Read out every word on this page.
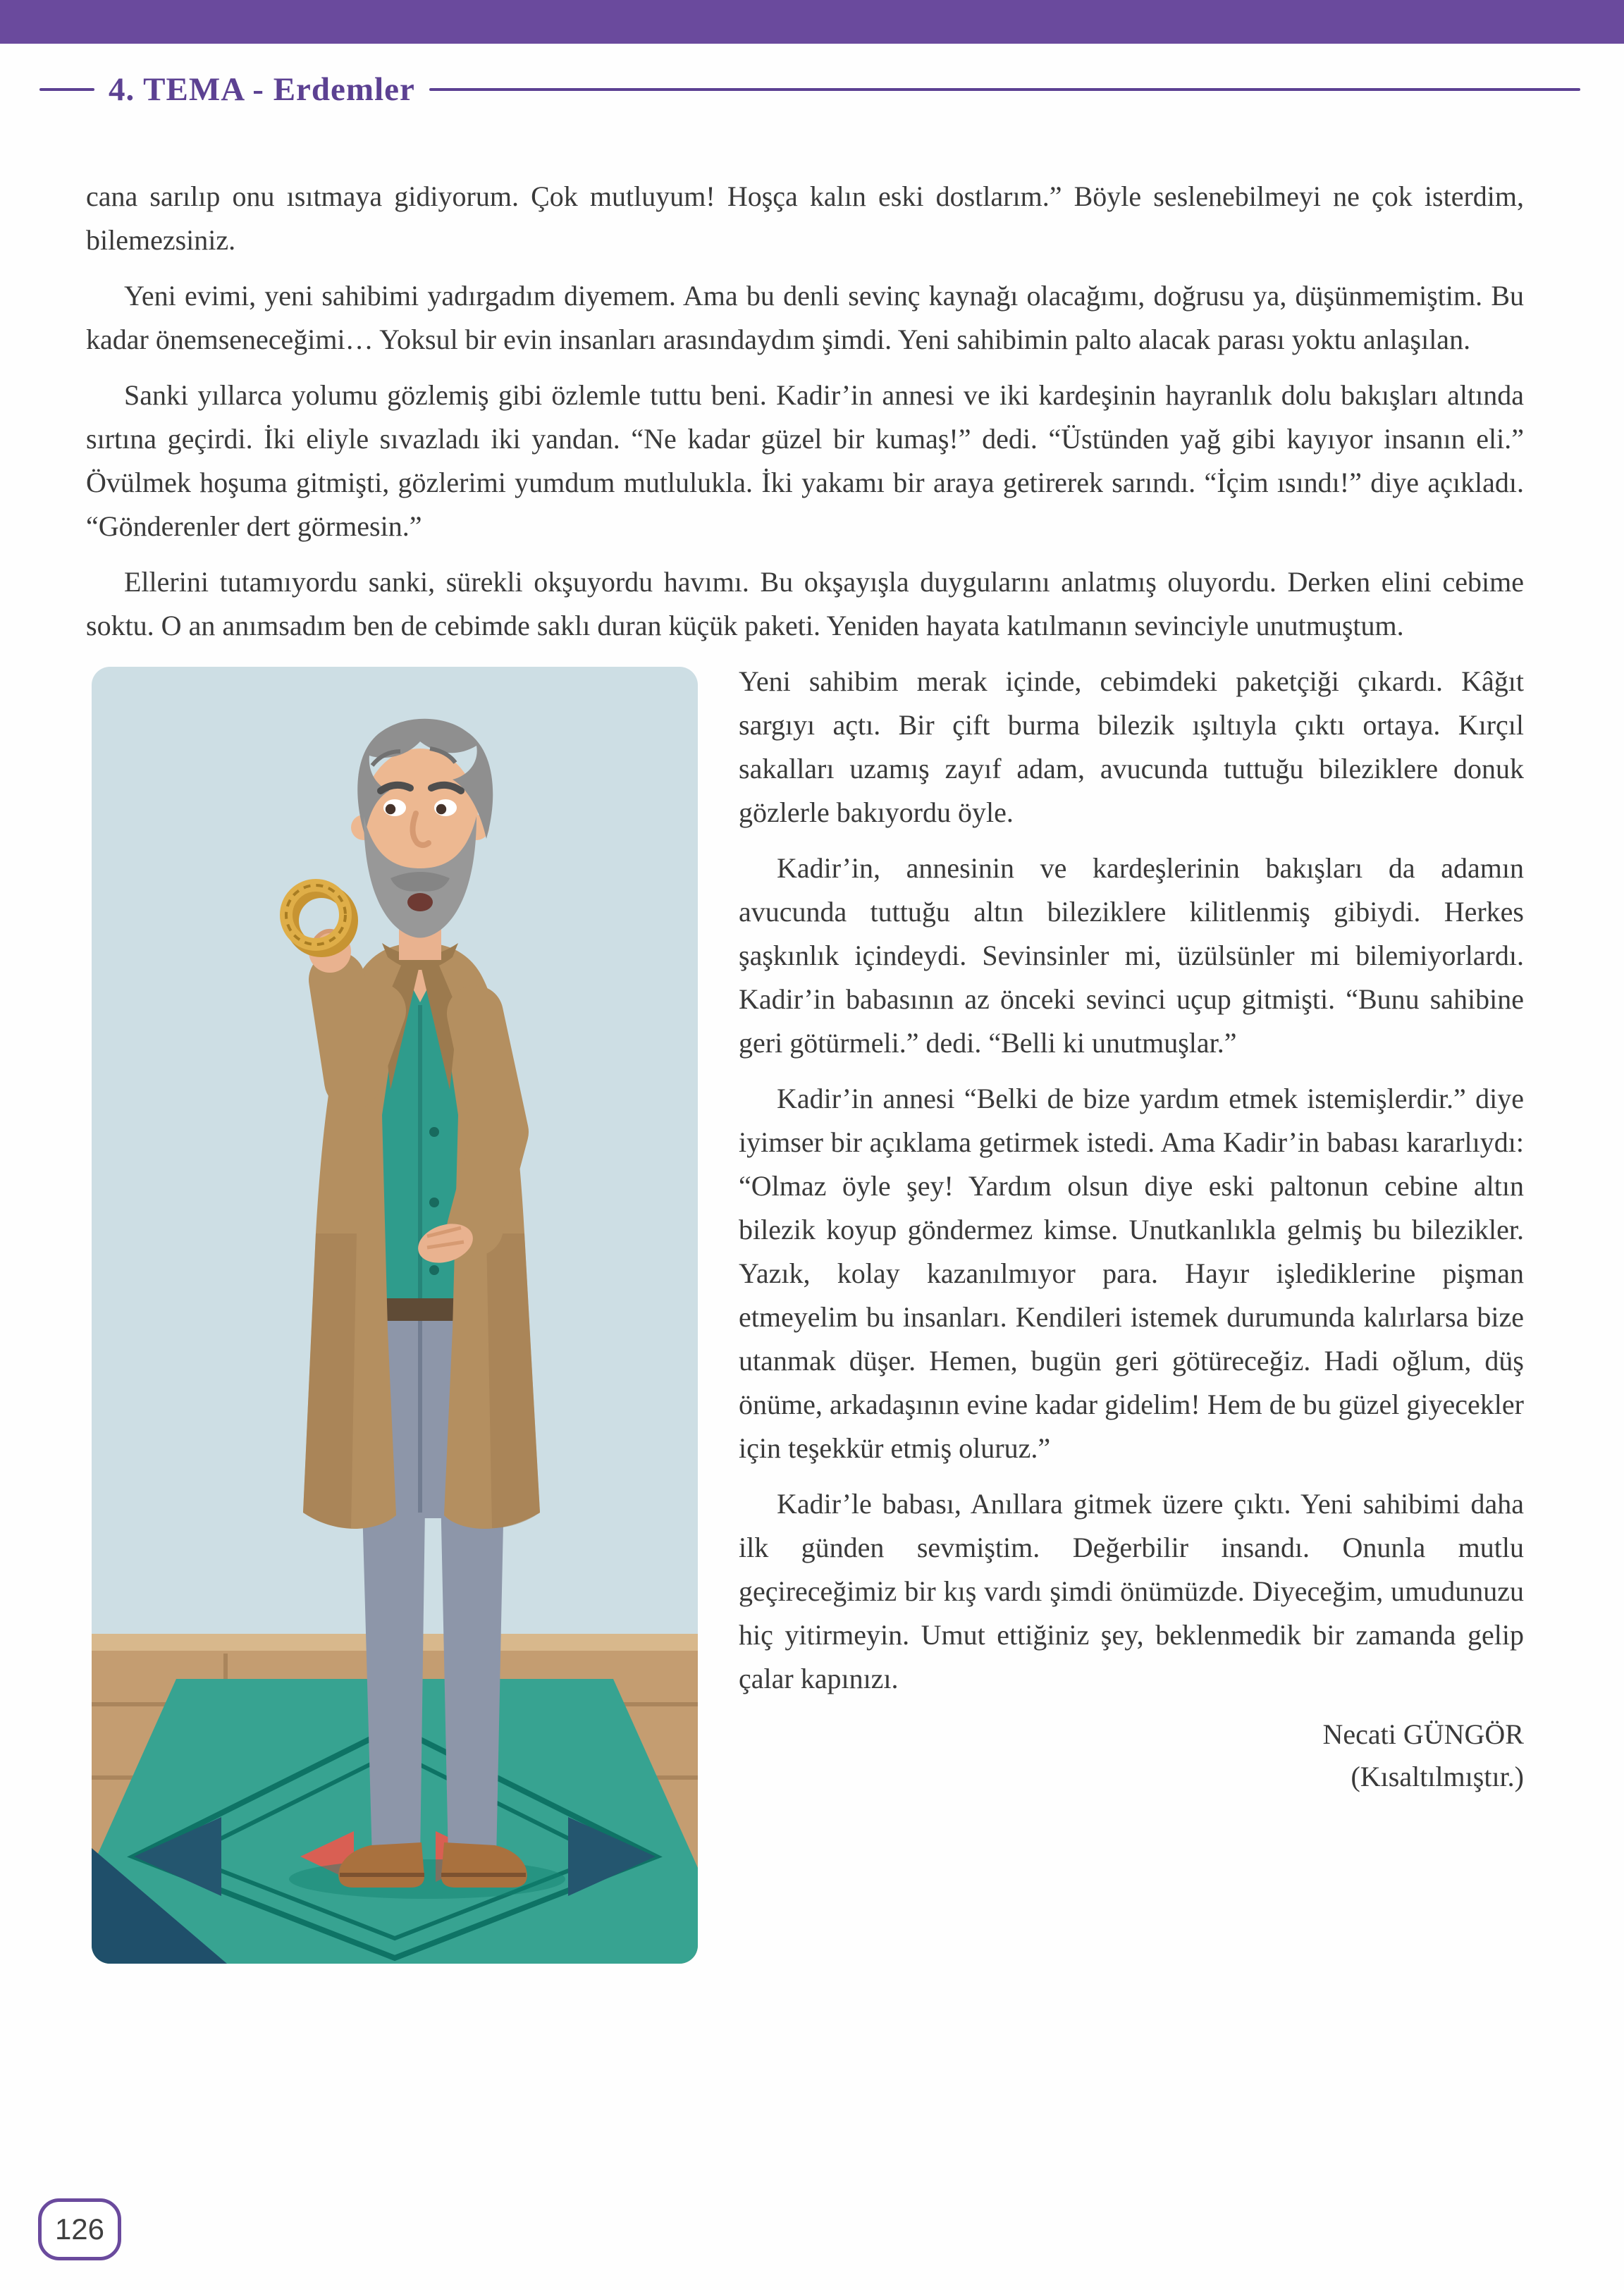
4. TEMA - Erdemler

cana sarılıp onu ısıtmaya gidiyorum. Çok mutluyum! Hoşça kalın eski dostlarım.” Böyle seslenebilmeyi ne çok isterdim, bilemezsiniz.

Yeni evimi, yeni sahibimi yadırgadım diyemem. Ama bu denli sevinç kaynağı olacağımı, doğrusu ya, düşünmemiştim. Bu kadar önemseneceğimi… Yoksul bir evin insanları arasındaydım şimdi. Yeni sahibimin palto alacak parası yoktu anlaşılan.

Sanki yıllarca yolumu gözlemiş gibi özlemle tuttu beni. Kadir’in annesi ve iki kardeşinin hayranlık dolu bakışları altında sırtına geçirdi. İki eliyle sıvazladı iki yandan. “Ne kadar güzel bir kumaş!” dedi. “Üstünden yağ gibi kayıyor insanın eli.” Övülmek hoşuma gitmişti, gözlerimi yumdum mutlulukla. İki yakamı bir araya getirerek sarındı. “İçim ısındı!” diye açıkladı. “Gönderenler dert görmesin.”

Ellerini tutamıyordu sanki, sürekli okşuyordu havımı. Bu okşayışla duygularını anlatmış oluyordu. Derken elini cebime soktu. O an anımsadım ben de cebimde saklı duran küçük paketi. Yeniden hayata katılmanın sevinciyle unutmuştum.

Yeni sahibim merak içinde, cebimdeki paketçiği çıkardı. Kâğıt sargıyı açtı. Bir çift burma bilezik ışıltıyla çıktı ortaya. Kırçıl sakalları uzamış zayıf adam, avucunda tuttuğu bileziklere donuk gözlerle bakıyordu öyle.

Kadir’in, annesinin ve kardeşlerinin bakışları da adamın avucunda tuttuğu altın bileziklere kilitlenmiş gibiydi. Herkes şaşkınlık içindeydi. Sevinsinler mi, üzülsünler mi bilemiyorlardı. Kadir’in babasının az önceki sevinci uçup gitmişti. “Bunu sahibine geri götürmeli.” dedi. “Belli ki unutmuşlar.”

Kadir’in annesi “Belki de bize yardım etmek istemişlerdir.” diye iyimser bir açıklama getirmek istedi. Ama Kadir’in babası kararlıydı: “Olmaz öyle şey! Yardım olsun diye eski paltonun cebine altın bilezik koyup göndermez kimse. Unutkanlıkla gelmiş bu bilezikler. Yazık, kolay kazanılmıyor para. Hayır işlediklerine pişman etmeyelim bu insanları. Kendileri istemek durumunda kalırlarsa bize utanmak düşer. Hemen, bugün geri götüreceğiz. Hadi oğlum, düş önüme, arkadaşının evine kadar gidelim! Hem de bu güzel giyecekler için teşekkür etmiş oluruz.”

Kadir’le babası, Anıllara gitmek üzere çıktı. Yeni sahibimi daha ilk günden sevmiştim. Değerbilir insandı. Onunla mutlu geçireceğimiz bir kış vardı şimdi önümüzde. Diyeceğim, umudunuzu hiç yitirmeyin. Umut ettiğiniz şey, beklenmedik bir zamanda gelip çalar kapınızı.

Necati GÜNGÖR
(Kısaltılmıştır.)
126
